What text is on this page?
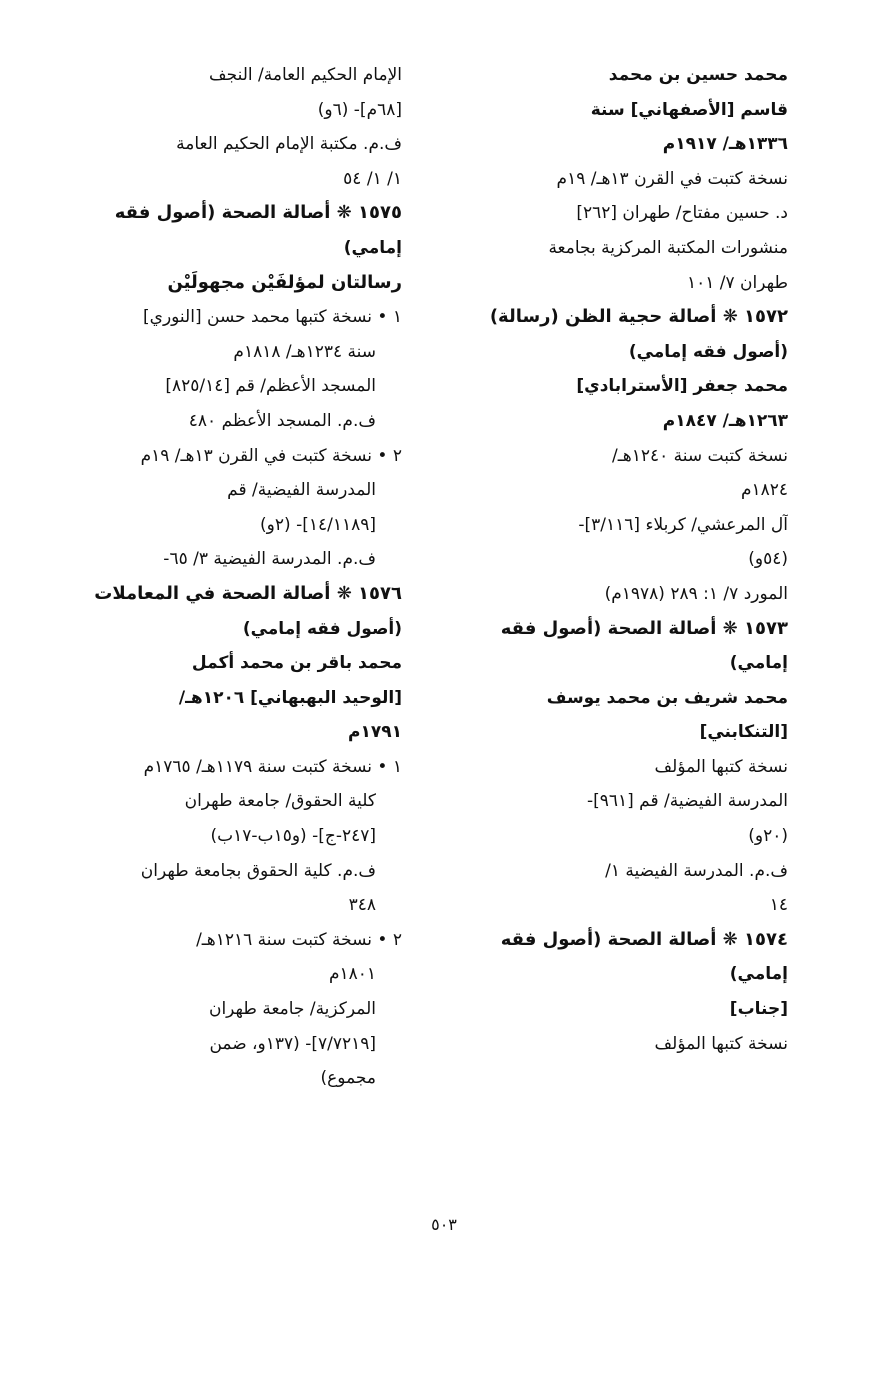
محمد حسين بن محمد
قاسم [الأصفهاني] سنة
١٣٣٦هـ/ ١٩١٧م
نسخة كتبت في القرن ١٣هـ/ ١٩م
د. حسين مفتاح/ طهران [٢٦٢]
منشورات المكتبة المركزية بجامعة
طهران ٧/ ١٠١
١٥٧٢ ❋ أصالة حجية الظن (رسالة)
(أصول فقه إمامي)
محمد جعفر [الأسترابادي]
١٢٦٣هـ/ ١٨٤٧م
نسخة كتبت سنة ١٢٤٠هـ/
١٨٢٤م
آل المرعشي/ كربلاء [٣/١١٦]-
(٥٤و)
المورد ٧/ ١: ٢٨٩ (١٩٧٨م)
١٥٧٣ ❋ أصالة الصحة (أصول فقه
إمامي)
محمد شريف بن محمد يوسف
[التنكابني]
نسخة كتبها المؤلف
المدرسة الفيضية/ قم [٩٦١]-
(٢٠و)
ف.م. المدرسة الفيضية ١/
١٤
١٥٧٤ ❋ أصالة الصحة (أصول فقه
إمامي)
[جناب]
نسخة كتبها المؤلف
الإمام الحكيم العامة/ النجف
[٦٨م]- (٦و)
ف.م. مكتبة الإمام الحكيم العامة
١/ ١/ ٥٤
١٥٧٥ ❋ أصالة الصحة (أصول فقه
إمامي)
رسالتان لمؤلفَيْن مجهولَيْن
١ • نسخة كتبها محمد حسن [النوري]
سنة ١٢٣٤هـ/ ١٨١٨م
المسجد الأعظم/ قم [٨٢٥/١٤]
ف.م. المسجد الأعظم ٤٨٠
٢ • نسخة كتبت في القرن ١٣هـ/ ١٩م
المدرسة الفيضية/ قم
[١٤/١١٨٩]- (٢و)
ف.م. المدرسة الفيضية ٣/ ٦٥-
١٥٧٦ ❋ أصالة الصحة في المعاملات
(أصول فقه إمامي)
محمد باقر بن محمد أكمل
[الوحيد البهبهاني] ١٢٠٦هـ/
١٧٩١م
١ • نسخة كتبت سنة ١١٧٩هـ/ ١٧٦٥م
كلية الحقوق/ جامعة طهران
[٢٤٧-ج]- (و١٥ب-١٧ب)
ف.م. كلية الحقوق بجامعة طهران
٣٤٨
٢ • نسخة كتبت سنة ١٢١٦هـ/
١٨٠١م
المركزية/ جامعة طهران
[٧/٧٢١٩]- (١٣٧و، ضمن
مجموع)
٥٠٣
